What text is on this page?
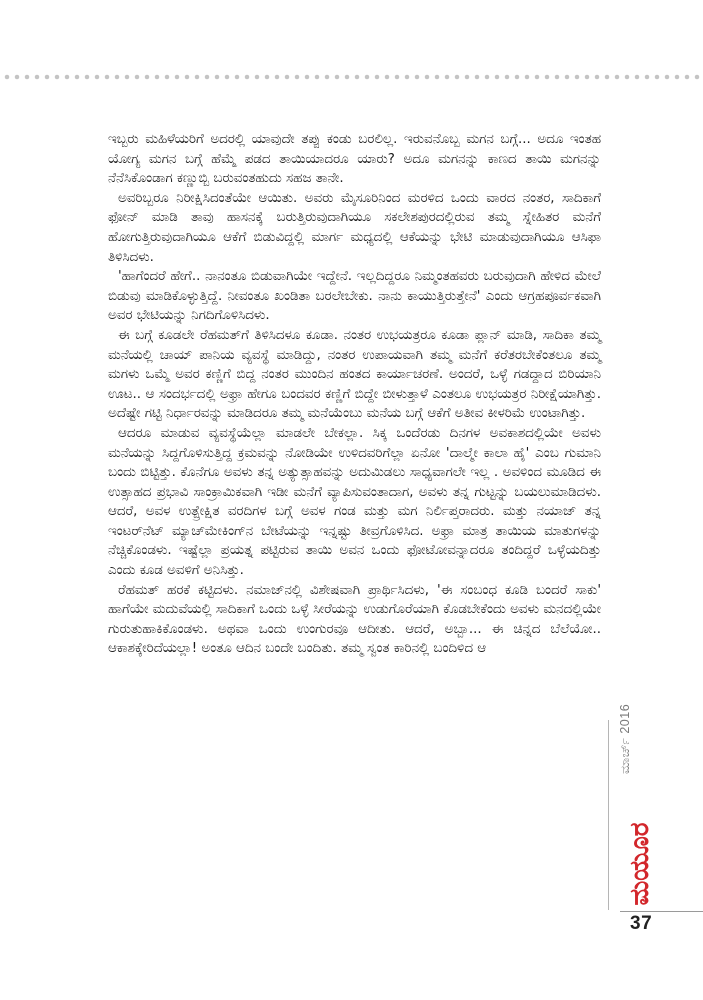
ಇಬ್ಬರು ಮಹಿಳೆಯರಿಗೆ ಅದರಲ್ಲಿ ಯಾವುದೇ ತಪ್ಪು ಕಂಡು ಬರಲಿಲ್ಲ. ಇರುವನೊಬ್ಬ ಮಗನ ಬಗ್ಗೆ... ಅದೂ ಇಂತಹ ಯೋಗ್ಯ ಮಗನ ಬಗ್ಗೆ ಹೆಮ್ಮೆ ಪಡದ ತಾಯಿಯಾದರೂ ಯಾರು? ಅದೂ ಮಗನನ್ನು ಕಾಣದ ತಾಯಿ ಮಗನನ್ನು ನೆನೆಸಿಕೊಂಡಾಗ ಕಣ್ಣುಬ್ಬಿ ಬರುವಂತಹುದು ಸಹಜ ತಾನೇ.

ಅವರಿಬ್ಬರೂ ನಿರೀಕ್ಷಿಸಿದಂತೆಯೇ ಆಯಿತು. ಅವರು ಮೈಸೂರಿನಿಂದ ಮರಳಿದ ಒಂದು ವಾರದ ನಂತರ, ಸಾದಿಕಾಗೆ ಫೋನ್ ಮಾಡಿ ತಾವು ಹಾಸನಕ್ಕೆ ಬರುತ್ತಿರುವುದಾಗಿಯೂ ಸಕಲೇಶಪುರದಲ್ಲಿರುವ ತಮ್ಮ ಸ್ನೇಹಿತರ ಮನೆಗೆ ಹೋಗುತ್ತಿರುವುದಾಗಿಯೂ ಆಕೆಗೆ ಬಿಡುವಿದ್ದಲ್ಲಿ ಮಾರ್ಗ ಮಧ್ಯದಲ್ಲಿ ಆಕೆಯನ್ನು ಭೇಟಿ ಮಾಡುವುದಾಗಿಯೂ ಆಸಿಫಾ ತಿಳಿಸಿದಳು.

'ಹಾಗೆಂದರೆ ಹೇಗೆ.. ನಾನಂತೂ ಬಿಡುವಾಗಿಯೇ ಇದ್ದೇನೆ. ಇಲ್ಲದಿದ್ದರೂ ನಿಮ್ಮಂತಹವರು ಬರುವುದಾಗಿ ಹೇಳಿದ ಮೇಲೆ ಬಿಡುವು ಮಾಡಿಕೊಳ್ಳುತ್ತಿದ್ದೆ. ನೀವಂತೂ ಖಂಡಿತಾ ಬರಲೇಬೇಕು. ನಾನು ಕಾಯುತ್ತಿರುತ್ತೇನೆ' ಎಂದು ಆಗ್ರಹಪೂರ್ವಕವಾಗಿ ಅವರ ಭೇಟಿಯನ್ನು ನಿಗದಿಗೊಳಿಸಿದಳು.

ಈ ಬಗ್ಗೆ ಕೂಡಲೇ ರೆಹಮತ್‌ಗೆ ತಿಳಿಸಿದಳೂ ಕೂಡಾ. ನಂತರ ಉಭಯತ್ರರೂ ಕೂಡಾ ಪ್ಲಾನ್ ಮಾಡಿ, ಸಾದಿಕಾ ತಮ್ಮ ಮನೆಯಲ್ಲಿ ಚಾಯ್ ಪಾನಿಯ ವ್ಯವಸ್ಥೆ ಮಾಡಿದ್ದು, ನಂತರ ಉಪಾಯವಾಗಿ ತಮ್ಮ ಮನೆಗೆ ಕರೆತರಬೇಕೆಂತಲೂ ತಮ್ಮ ಮಗಳು ಒಮ್ಮೆ ಅವರ ಕಣ್ಣಿಗೆ ಬಿದ್ದ ನಂತರ ಮುಂದಿನ ಹಂತದ ಕಾರ್ಯಾಚರಣೆ. ಅಂದರೆ, ಒಳ್ಳೆ ಗಡದ್ದಾದ ಬಿರಿಯಾನಿ ಊಟ.. ಆ ಸಂದರ್ಭದಲ್ಲಿ ಅಫ್ರಾ ಹೇಗೂ ಬಂದವರ ಕಣ್ಣಿಗೆ ಬಿದ್ದೇ ಬೀಳುತ್ತಾಳೆ ಎಂತಲೂ ಉಭಯತ್ರರ ನಿರೀಕ್ಷೆಯಾಗಿತ್ತು. ಅದೆಷ್ಟೇ ಗಟ್ಟಿ ನಿರ್ಧಾರವನ್ನು ಮಾಡಿದರೂ ತಮ್ಮ ಮನೆಯೆಂಬು ಮನೆಯ ಬಗ್ಗೆ ಆಕೆಗೆ ಅತೀವ ಕೀಳರಿಮೆ ಉಂಟಾಗಿತ್ತು.

ಆದರೂ ಮಾಡುವ ವ್ಯವಸ್ಥೆಯೆಲ್ಲಾ ಮಾಡಲೇ ಬೇಕಲ್ಲಾ. ಸಿಕ್ಕ ಒಂದೆರಡು ದಿನಗಳ ಅವಕಾಶದಲ್ಲಿಯೇ ಅವಳು ಮನೆಯನ್ನು ಸಿದ್ದಗೊಳಿಸುತ್ತಿದ್ದ ಕ್ರಮವನ್ನು ನೋಡಿಯೇ ಉಳಿದವರಿಗೆಲ್ಲಾ ಏನೋ 'ದಾಲ್ಮೇ ಕಾಲಾ ಹೈ' ಎಂಬ ಗುಮಾನಿ ಬಂದು ಬಿಟ್ಟಿತ್ತು. ಕೊನೆಗೂ ಅವಳು ತನ್ನ ಅತ್ಯುತ್ಸಾಹವನ್ನು ಅದುಮಿಡಲು ಸಾಧ್ಯವಾಗಲೇ ಇಲ್ಲ . ಅವಳಿಂದ ಮೂಡಿದ ಈ ಉತ್ಸಾಹದ ಪ್ರಭಾವಿ ಸಾಂಕ್ರಾಮಿಕವಾಗಿ ಇಡೀ ಮನೆಗೆ ವ್ಯಾಪಿಸುವಂತಾದಾಗ, ಅವಳು ತನ್ನ ಗುಟ್ಟನ್ನು ಬಯಲುಮಾಡಿದಳು. ಆದರೆ, ಅವಳ ಉತ್ಪ್ರೇಕ್ಷಿತ ವರದಿಗಳ ಬಗ್ಗೆ ಅವಳ ಗಂಡ ಮತ್ತು ಮಗ ನಿರ್ಲಿಪ್ತರಾದರು. ಮತ್ತು ನಯಾಜ್ ತನ್ನ ಇಂಟರ್‌ನೆಟ್ ಮ್ಯಾಚ್‌ಮೇಕಿಂಗ್‌ನ ಬೇಟೆಯನ್ನು ಇನ್ನಷ್ಟು ತೀವ್ರಗೊಳಿಸಿದ. ಅಫ್ರಾ ಮಾತ್ರ ತಾಯಿಯ ಮಾತುಗಳನ್ನು ನೆಚ್ಚಿಕೊಂಡಳು. ಇಷ್ಟೆಲ್ಲಾ ಪ್ರಯತ್ನ ಪಟ್ಟಿರುವ ತಾಯಿ ಅವನ ಒಂದು ಫೋಟೋವನ್ನಾದರೂ ತಂದಿದ್ದರೆ ಒಳ್ಳೆಯದಿತ್ತು ಎಂದು ಕೂಡ ಅವಳಿಗೆ ಅನಿಸಿತ್ತು.

ರೆಹಮತ್ ಹರಕೆ ಕಟ್ಟಿದಳು. ನಮಾಜ್‌ನಲ್ಲಿ ವಿಶೇಷವಾಗಿ ಪ್ರಾರ್ಥಿಸಿದಳು, 'ಈ ಸಂಬಂಧ ಕೂಡಿ ಬಂದರೆ ಸಾಕು' ಹಾಗೆಯೇ ಮದುವೆಯಲ್ಲಿ ಸಾದಿಕಾಗೆ ಒಂದು ಒಳ್ಳೆ ಸೀರೆಯನ್ನು ಉಡುಗೊರೆಯಾಗಿ ಕೊಡಬೇಕೆಂದು ಅವಳು ಮನದಲ್ಲಿಯೇ ಗುರುತುಹಾಕಿಕೊಂಡಳು. ಅಥವಾ ಒಂದು ಉಂಗುರವೂ ಆದೀತು. ಆದರೆ, ಅಬ್ಬಾ... ಈ ಚಿನ್ನದ ಬೆಲೆಯೋ.. ಆಕಾಶಕ್ಕೇರಿದೆಯಲ್ಲಾ! ಅಂತೂ ಆದಿನ ಬಂದೇ ಬಂದಿತು. ತಮ್ಮ ಸ್ವಂತ ಕಾರಿನಲ್ಲಿ ಬಂದಿಳಿದ ಆ

ಮಾರ್ಚ್ 2016
ಮಯೂರ
37
